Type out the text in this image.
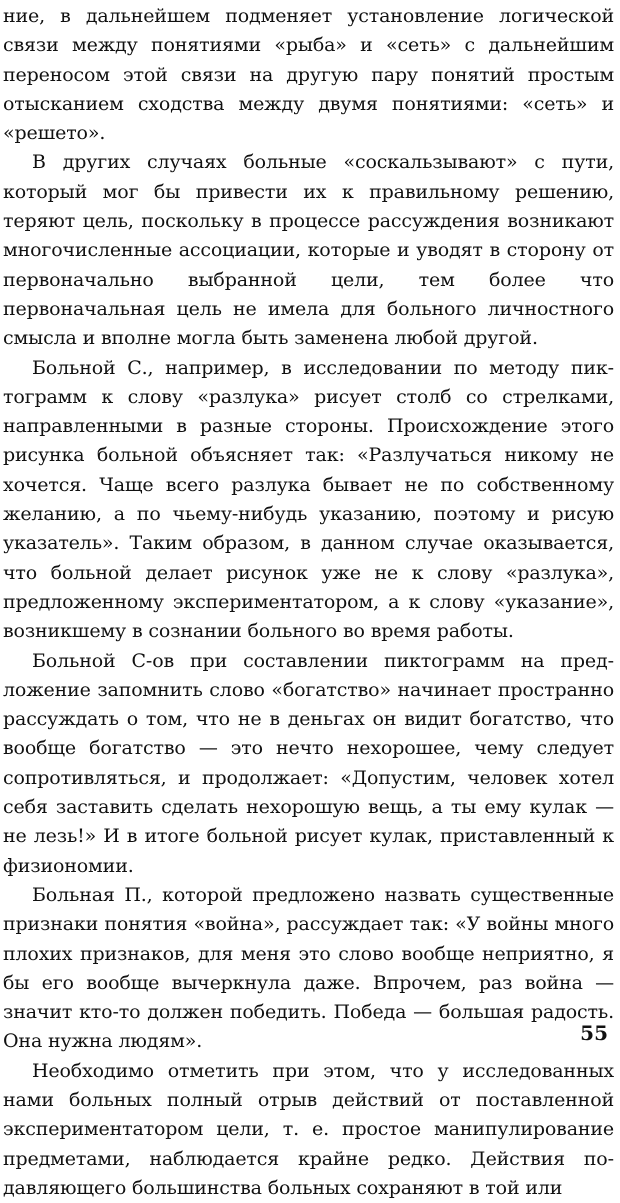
ние, в дальнейшем подменяет установление логической связи между понятиями «рыба» и «сеть» с дальнейшим переносом этой связи на другую пару понятий простым отысканием сходства между двумя понятиями: «сеть» и «решето».

В других случаях больные «соскальзывают» с пути, который мог бы привести их к правильному решению, теряют цель, поскольку в процессе рассуждения возникают многочисленные ассоциации, которые и уводят в сторону от первоначально выбранной цели, тем более что первоначальная цель не имела для больного личностного смысла и вполне могла быть заменена любой другой.

Больной С., например, в исследовании по методу пиктограмм к слову «разлука» рисует столб со стрелками, направленными в разные стороны. Происхождение этого рисунка больной объясняет так: «Разлучаться никому не хочется. Чаще всего разлука бывает не по собственному желанию, а по чьему-нибудь указанию, поэтому и рисую указатель». Таким образом, в данном случае оказывается, что больной делает рисунок уже не к слову «разлука», предложенному экспериментатором, а к слову «указание», возникшему в сознании больного во время работы.

Больной С-ов при составлении пиктограмм на предложение запомнить слово «богатство» начинает пространно рассуждать о том, что не в деньгах он видит богатство, что вообще богатство — это нечто нехорошее, чему следует сопротивляться, и продолжает: «Допустим, человек хотел себя заставить сделать нехорошую вещь, а ты ему кулак — не лезь!» И в итоге больной рисует кулак, приставленный к физиономии.

Больная П., которой предложено назвать существенные признаки понятия «война», рассуждает так: «У войны много плохих признаков, для меня это слово вообще неприятно, я бы его вообще вычеркнула даже. Впрочем, раз война — значит кто-то должен победить. Победа — большая радость. Она нужна людям».

Необходимо отметить при этом, что у исследованных нами больных полный отрыв действий от поставленной экспериментатором цели, т. е. простое манипулирование предметами, наблюдается крайне редко. Действия подавляющего большинства больных сохраняют в той или

55
